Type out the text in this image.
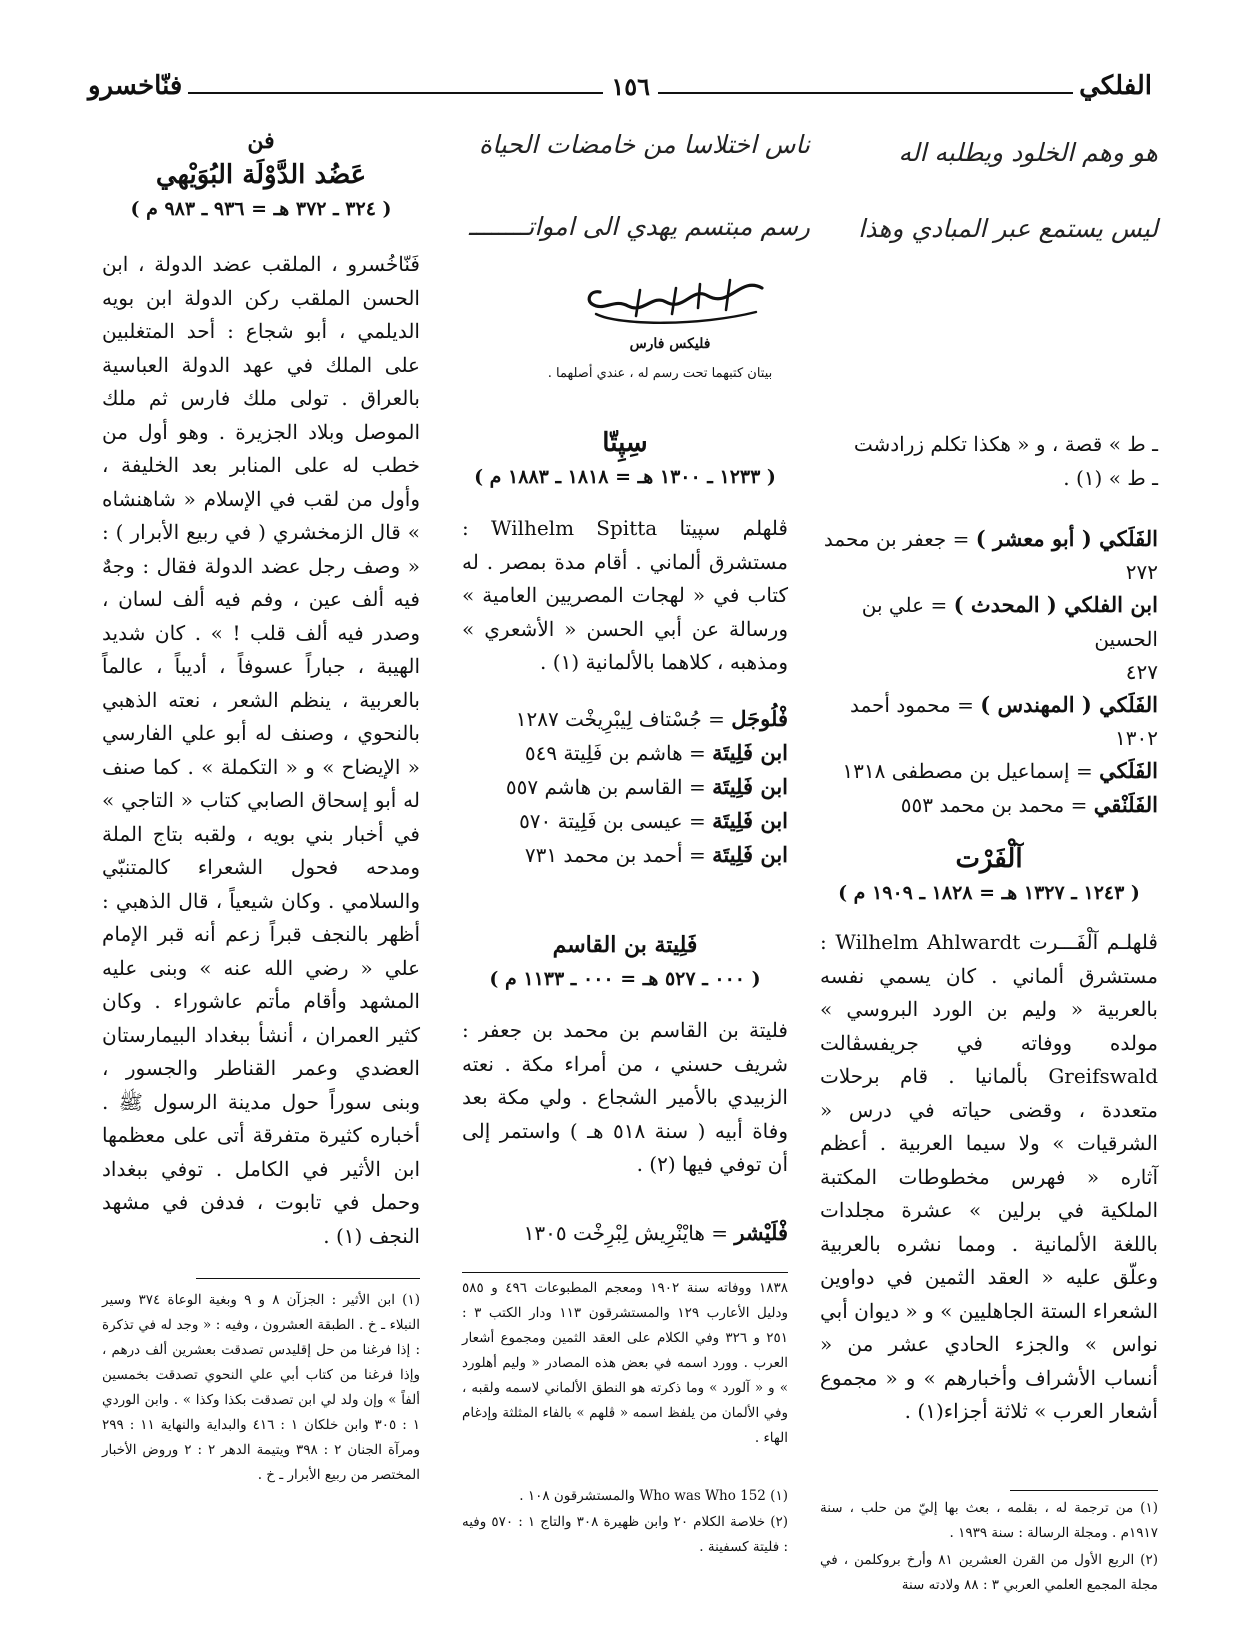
الفلكي
١٥٦
فنّاخسرو
هو وهم الخلود ويطلبه اله
ليس يستمع عبر المبادي وهذا
ناس اختلاسا من خامضات الحياة
رسم مبتسم يهدي الى امواتــــــــ
فليكس فارس
بيتان كتبهما تحت رسم له ، عندي أصلهما .

ـ ط » قصة ، و « هكذا تكلم زرادشت

ـ ط » (١) .

الفَلَكي ( أبو معشر ) = جعفر بن محمد

٢٧٢

ابن الفلكي ( المحدث ) = علي بن الحسين

٤٢٧

الفَلَكي ( المهندس ) = محمود أحمد

١٣٠٢

الفَلَكي = إسماعيل بن مصطفى ١٣١٨

الفَلَنْقي = محمد بن محمد ٥٥٣

آلْفَرْت

( ١٢٤٣ ـ ١٣٢٧ هـ = ١٨٢٨ ـ ١٩٠٩ م )

ڤلهلـم آلْفَـــرت Wilhelm Ahlwardt : مستشرق ألماني . كان يسمي نفسه بالعربية « وليم بن الورد البروسي » مولده ووفاته في جريفسڤالت Greifswald بألمانيا . قام برحلات متعددة ، وقضى حياته في درس « الشرقيات » ولا سيما العربية . أعظم آثاره « فهرس مخطوطات المكتبة الملكية في برلين » عشرة مجلدات باللغة الألمانية . ومما نشره بالعربية وعلّق عليه « العقد الثمين في دواوين الشعراء الستة الجاهليين » و « ديوان أبي نواس » والجزء الحادي عشر من « أنساب الأشراف وأخبارهم » و « مجموع أشعار العرب » ثلاثة أجزاء(١) .

(١) من ترجمة له ، بقلمه ، بعث بها إليّ من حلب ، سنة ١٩١٧م . ومجلة الرسالة : سنة ١٩٣٩ .

(٢) الربع الأول من القرن العشرين ٨١ وأرخ بروكلمن ، في مجلة المجمع العلمي العربي ٣ : ٨٨ ولادته سنة

سِپِتّا

( ١٢٣٣ ـ ١٣٠٠ هـ = ١٨١٨ ـ ١٨٨٣ م )

ڤلهلم سپيتا Wilhelm Spitta : مستشرق ألماني . أقام مدة بمصر . له كتاب في « لهجات المصريين العامية » ورسالة عن أبي الحسن « الأشعري » ومذهبه ، كلاهما بالألمانية (١) .

فْلُوجَل = جُسْتاف لِيبْرِيخْت ١٢٨٧

ابن فَلِيتَة = هاشم بن فَلِيتة ٥٤٩

ابن فَلِيتَة = القاسم بن هاشم ٥٥٧

ابن فَلِيتَة = عيسى بن فَلِيتة ٥٧٠

ابن فَلِيتَة = أحمد بن محمد ٧٣١

فَلِيتة بن القاسم

( ٠٠٠ ـ ٥٢٧ هـ = ٠٠٠ ـ ١١٣٣ م )

فليتة بن القاسم بن محمد بن جعفر : شريف حسني ، من أمراء مكة . نعته الزبيدي بالأمير الشجاع . ولي مكة بعد وفاة أبيه ( سنة ٥١٨ هـ ) واستمر إلى أن توفي فيها (٢) .

فْلَيْشر = هايْنْرِيش لِبْرِخْت ١٣٠٥

١٨٣٨ ووفاته سنة ١٩٠٢ ومعجم المطبوعات ٤٩٦ و ٥٨٥ ودليل الأعارب ١٢٩ والمستشرقون ١١٣ ودار الكتب ٣ : ٢٥١ و ٣٢٦ وفي الكلام على العقد الثمين ومجموع أشعار العرب . وورد اسمه في بعض هذه المصادر « وليم أهلورد » و « آلورد » وما ذكرته هو النطق الألماني لاسمه ولقبه ، وفي الألمان من يلفظ اسمه « ڤلهم » بالفاء المثلثة وإدغام الهاء .

(١) Who was Who 152 والمستشرقون ١٠٨ .

(٢) خلاصة الكلام ٢٠ وابن ظهيرة ٣٠٨ والتاج ١ : ٥٧٠ وفيه : فليتة كسفينة .

فن

عَضُد الدَّوْلَة البُوَيْهي

( ٣٢٤ ـ ٣٧٢ هـ = ٩٣٦ ـ ٩٨٣ م )

فَنّاخُسرو ، الملقب عضد الدولة ، ابن الحسن الملقب ركن الدولة ابن بويه الديلمي ، أبو شجاع : أحد المتغلبين على الملك في عهد الدولة العباسية بالعراق . تولى ملك فارس ثم ملك الموصل وبلاد الجزيرة . وهو أول من خطب له على المنابر بعد الخليفة ، وأول من لقب في الإسلام « شاهنشاه » قال الزمخشري ( في ربيع الأبرار ) : « وصف رجل عضد الدولة فقال : وجهٌ فيه ألف عين ، وفم فيه ألف لسان ، وصدر فيه ألف قلب ! » . كان شديد الهيبة ، جباراً عسوفاً ، أديباً ، عالماً بالعربية ، ينظم الشعر ، نعته الذهبي بالنحوي ، وصنف له أبو علي الفارسي « الإيضاح » و « التكملة » . كما صنف له أبو إسحاق الصابي كتاب « التاجي » في أخبار بني بويه ، ولقبه بتاج الملة ومدحه فحول الشعراء كالمتنبّي والسلامي . وكان شيعياً ، قال الذهبي : أظهر بالنجف قبراً زعم أنه قبر الإمام علي « رضي الله عنه » وبنى عليه المشهد وأقام مأتم عاشوراء . وكان كثير العمران ، أنشأ ببغداد البيمارستان العضدي وعمر القناطر والجسور ، وبنى سوراً حول مدينة الرسول ﷺ . أخباره كثيرة متفرقة أتى على معظمها ابن الأثير في الكامل . توفي ببغداد وحمل في تابوت ، فدفن في مشهد النجف (١) .

(١) ابن الأثير : الجزآن ٨ و ٩ وبغية الوعاة ٣٧٤ وسير النبلاء ـ خ . الطبقة العشرون ، وفيه : « وجد له في تذكرة : إذا فرغنا من حل إقليدس تصدقت بعشرين ألف درهم ، وإذا فرغنا من كتاب أبي علي النحوي تصدقت بخمسين ألفاً » وإن ولد لي ابن تصدقت بكذا وكذا » . وابن الوردي ١ : ٣٠٥ وابن خلكان ١ : ٤١٦ والبداية والنهاية ١١ : ٢٩٩ ومرآة الجنان ٢ : ٣٩٨ ويتيمة الدهر ٢ : ٢ وروض الأخبار المختصر من ربيع الأبرار ـ خ .
